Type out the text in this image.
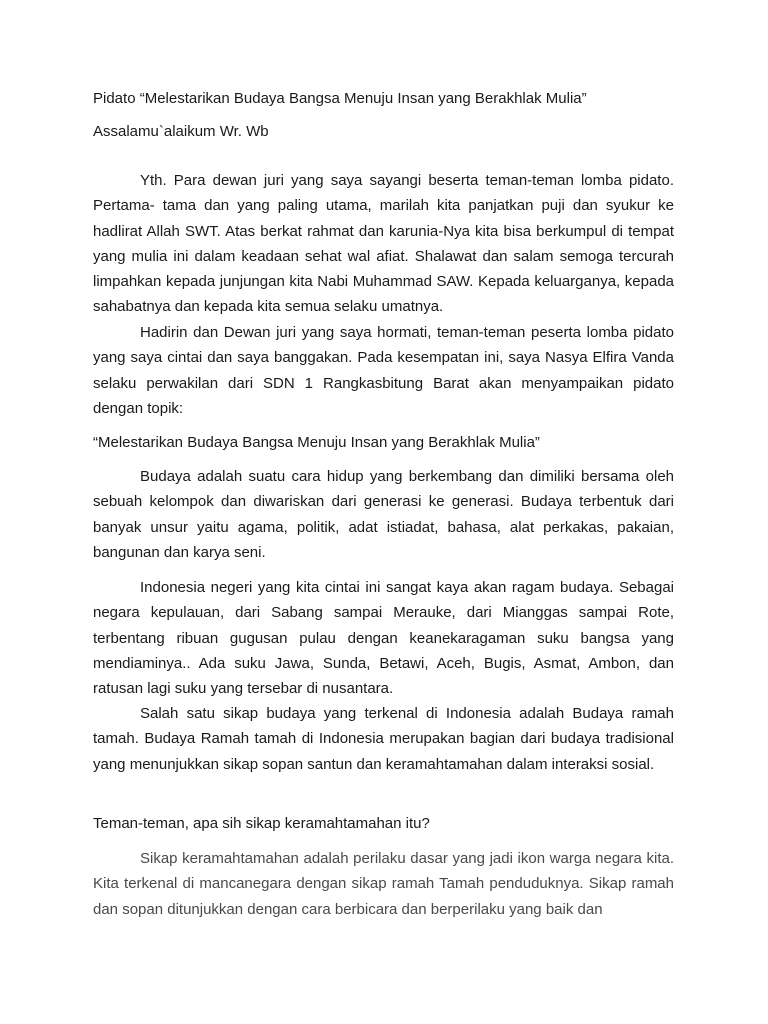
Pidato “Melestarikan Budaya Bangsa Menuju Insan yang Berakhlak Mulia”

Assalamu`alaikum Wr. Wb

Yth. Para dewan juri yang saya sayangi beserta teman-teman lomba pidato. Pertama- tama dan yang paling utama, marilah kita panjatkan puji dan syukur ke hadlirat Allah SWT. Atas berkat rahmat dan karunia-Nya kita bisa berkumpul di tempat yang mulia ini dalam keadaan sehat wal afiat. Shalawat dan salam semoga tercurah limpahkan kepada junjungan kita Nabi Muhammad SAW. Kepada keluarganya, kepada sahabatnya dan kepada kita semua selaku umatnya.

Hadirin dan Dewan juri yang saya hormati, teman-teman peserta lomba pidato yang saya cintai dan saya banggakan. Pada kesempatan ini, saya Nasya Elfira Vanda selaku perwakilan dari SDN 1 Rangkasbitung Barat akan menyampaikan pidato dengan topik:

“Melestarikan Budaya Bangsa Menuju Insan yang Berakhlak Mulia”

Budaya adalah suatu cara hidup yang berkembang dan dimiliki bersama oleh sebuah kelompok dan diwariskan dari generasi ke generasi. Budaya terbentuk dari banyak unsur yaitu agama, politik, adat istiadat, bahasa, alat perkakas, pakaian, bangunan dan karya seni.

Indonesia negeri yang kita cintai ini sangat kaya akan ragam budaya. Sebagai negara kepulauan, dari Sabang sampai Merauke, dari Mianggas sampai Rote, terbentang ribuan gugusan pulau dengan keanekaragaman suku bangsa yang mendiaminya.. Ada suku Jawa, Sunda, Betawi, Aceh, Bugis, Asmat, Ambon, dan ratusan lagi suku yang tersebar di nusantara.

Salah satu sikap budaya yang terkenal di Indonesia adalah Budaya ramah tamah. Budaya Ramah tamah di Indonesia merupakan bagian dari budaya tradisional yang menunjukkan sikap sopan santun dan keramahtamahan dalam interaksi sosial.

Teman-teman, apa sih sikap keramahtamahan itu?

Sikap keramahtamahan adalah perilaku dasar yang jadi ikon warga negara kita. Kita terkenal di mancanegara dengan sikap ramah Tamah penduduknya. Sikap ramah dan sopan ditunjukkan dengan cara berbicara dan berperilaku yang baik dan
